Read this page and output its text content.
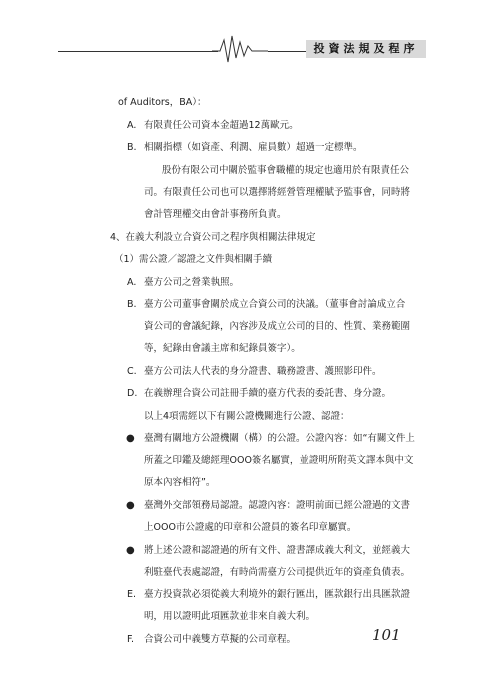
投資法規及程序
of Auditors，BA）：
A. 有限責任公司資本金超過12萬歐元。
B. 相關指標（如資產、利潤、雇員數）超過一定標準。
股份有限公司中關於監事會職權的規定也適用於有限責任公
司。有限責任公司也可以選擇將經營管理權賦予監事會，同時將
會計管理權交由會計事務所負責。
4、在義大利設立合資公司之程序與相關法律規定
（1）需公證／認證之文件與相關手續
A. 臺方公司之營業執照。
B. 臺方公司董事會關於成立合資公司的決議。（董事會討論成立合
資公司的會議紀錄，內容涉及成立公司的目的、性質、業務範圍
等，紀錄由會議主席和紀錄員簽字）。
C. 臺方公司法人代表的身分證書、職務證書、護照影印件。
D. 在義辦理合資公司註冊手續的臺方代表的委託書、身分證。
以上4項需經以下有關公證機關進行公證、認證：
● 臺灣有關地方公證機關（構）的公證。公證內容：如“有關文件上
所蓋之印鑑及總經理OOO簽名屬實，並證明所附英文譯本與中文
原本內容相符”。
● 臺灣外交部領務局認證。認證內容：證明前面已經公證過的文書
上OOO市公證處的印章和公證員的簽名印章屬實。
● 將上述公證和認證過的所有文件、證書譯成義大利文，並經義大
利駐臺代表處認證，有時尚需臺方公司提供近年的資產負債表。
E. 臺方投資款必須從義大利境外的銀行匯出，匯款銀行出具匯款證
明，用以證明此項匯款並非來自義大利。
F. 合資公司中義雙方草擬的公司章程。	101
